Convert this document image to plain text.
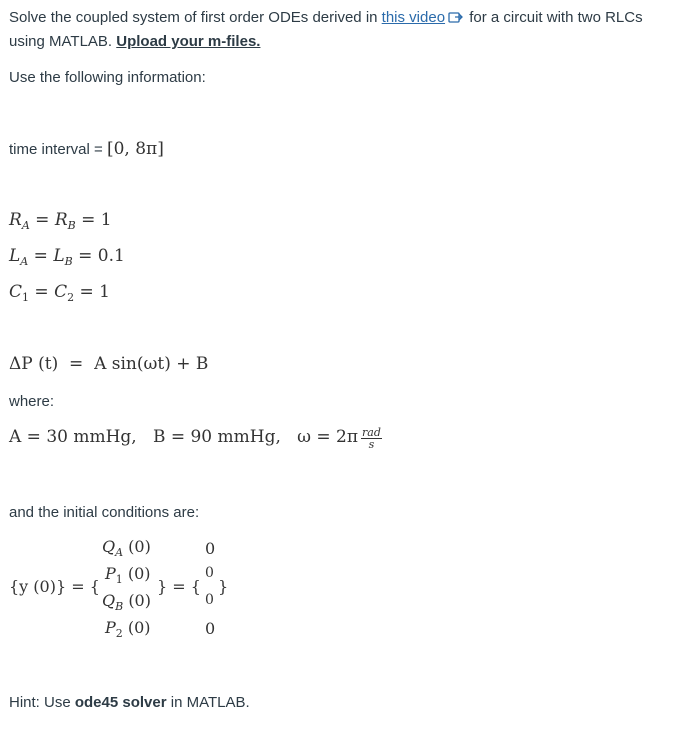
Solve the coupled system of first order ODEs derived in this video for a circuit with two RLCs
using MATLAB. Upload your m-files.
Use the following information:
time interval = [0, 8π]
$R_A = R_B = 1$
$L_A = L_B = 0.1$
$C_1 = C_2 = 1$
ΔP (t)  =  A sin(ωt) + B
where:
A = 30 mmHg, B = 90 mmHg, $\omega = 2\pi \frac{\text{rad}}{s}$
and the initial conditions are:
{y (0)} = {
$Q_A$ (0)
$P_1$ (0)
$Q_B$ (0)
$P_2$ (0)
} = {
0
0
0
0
}
Hint: Use ode45 solver in MATLAB.
